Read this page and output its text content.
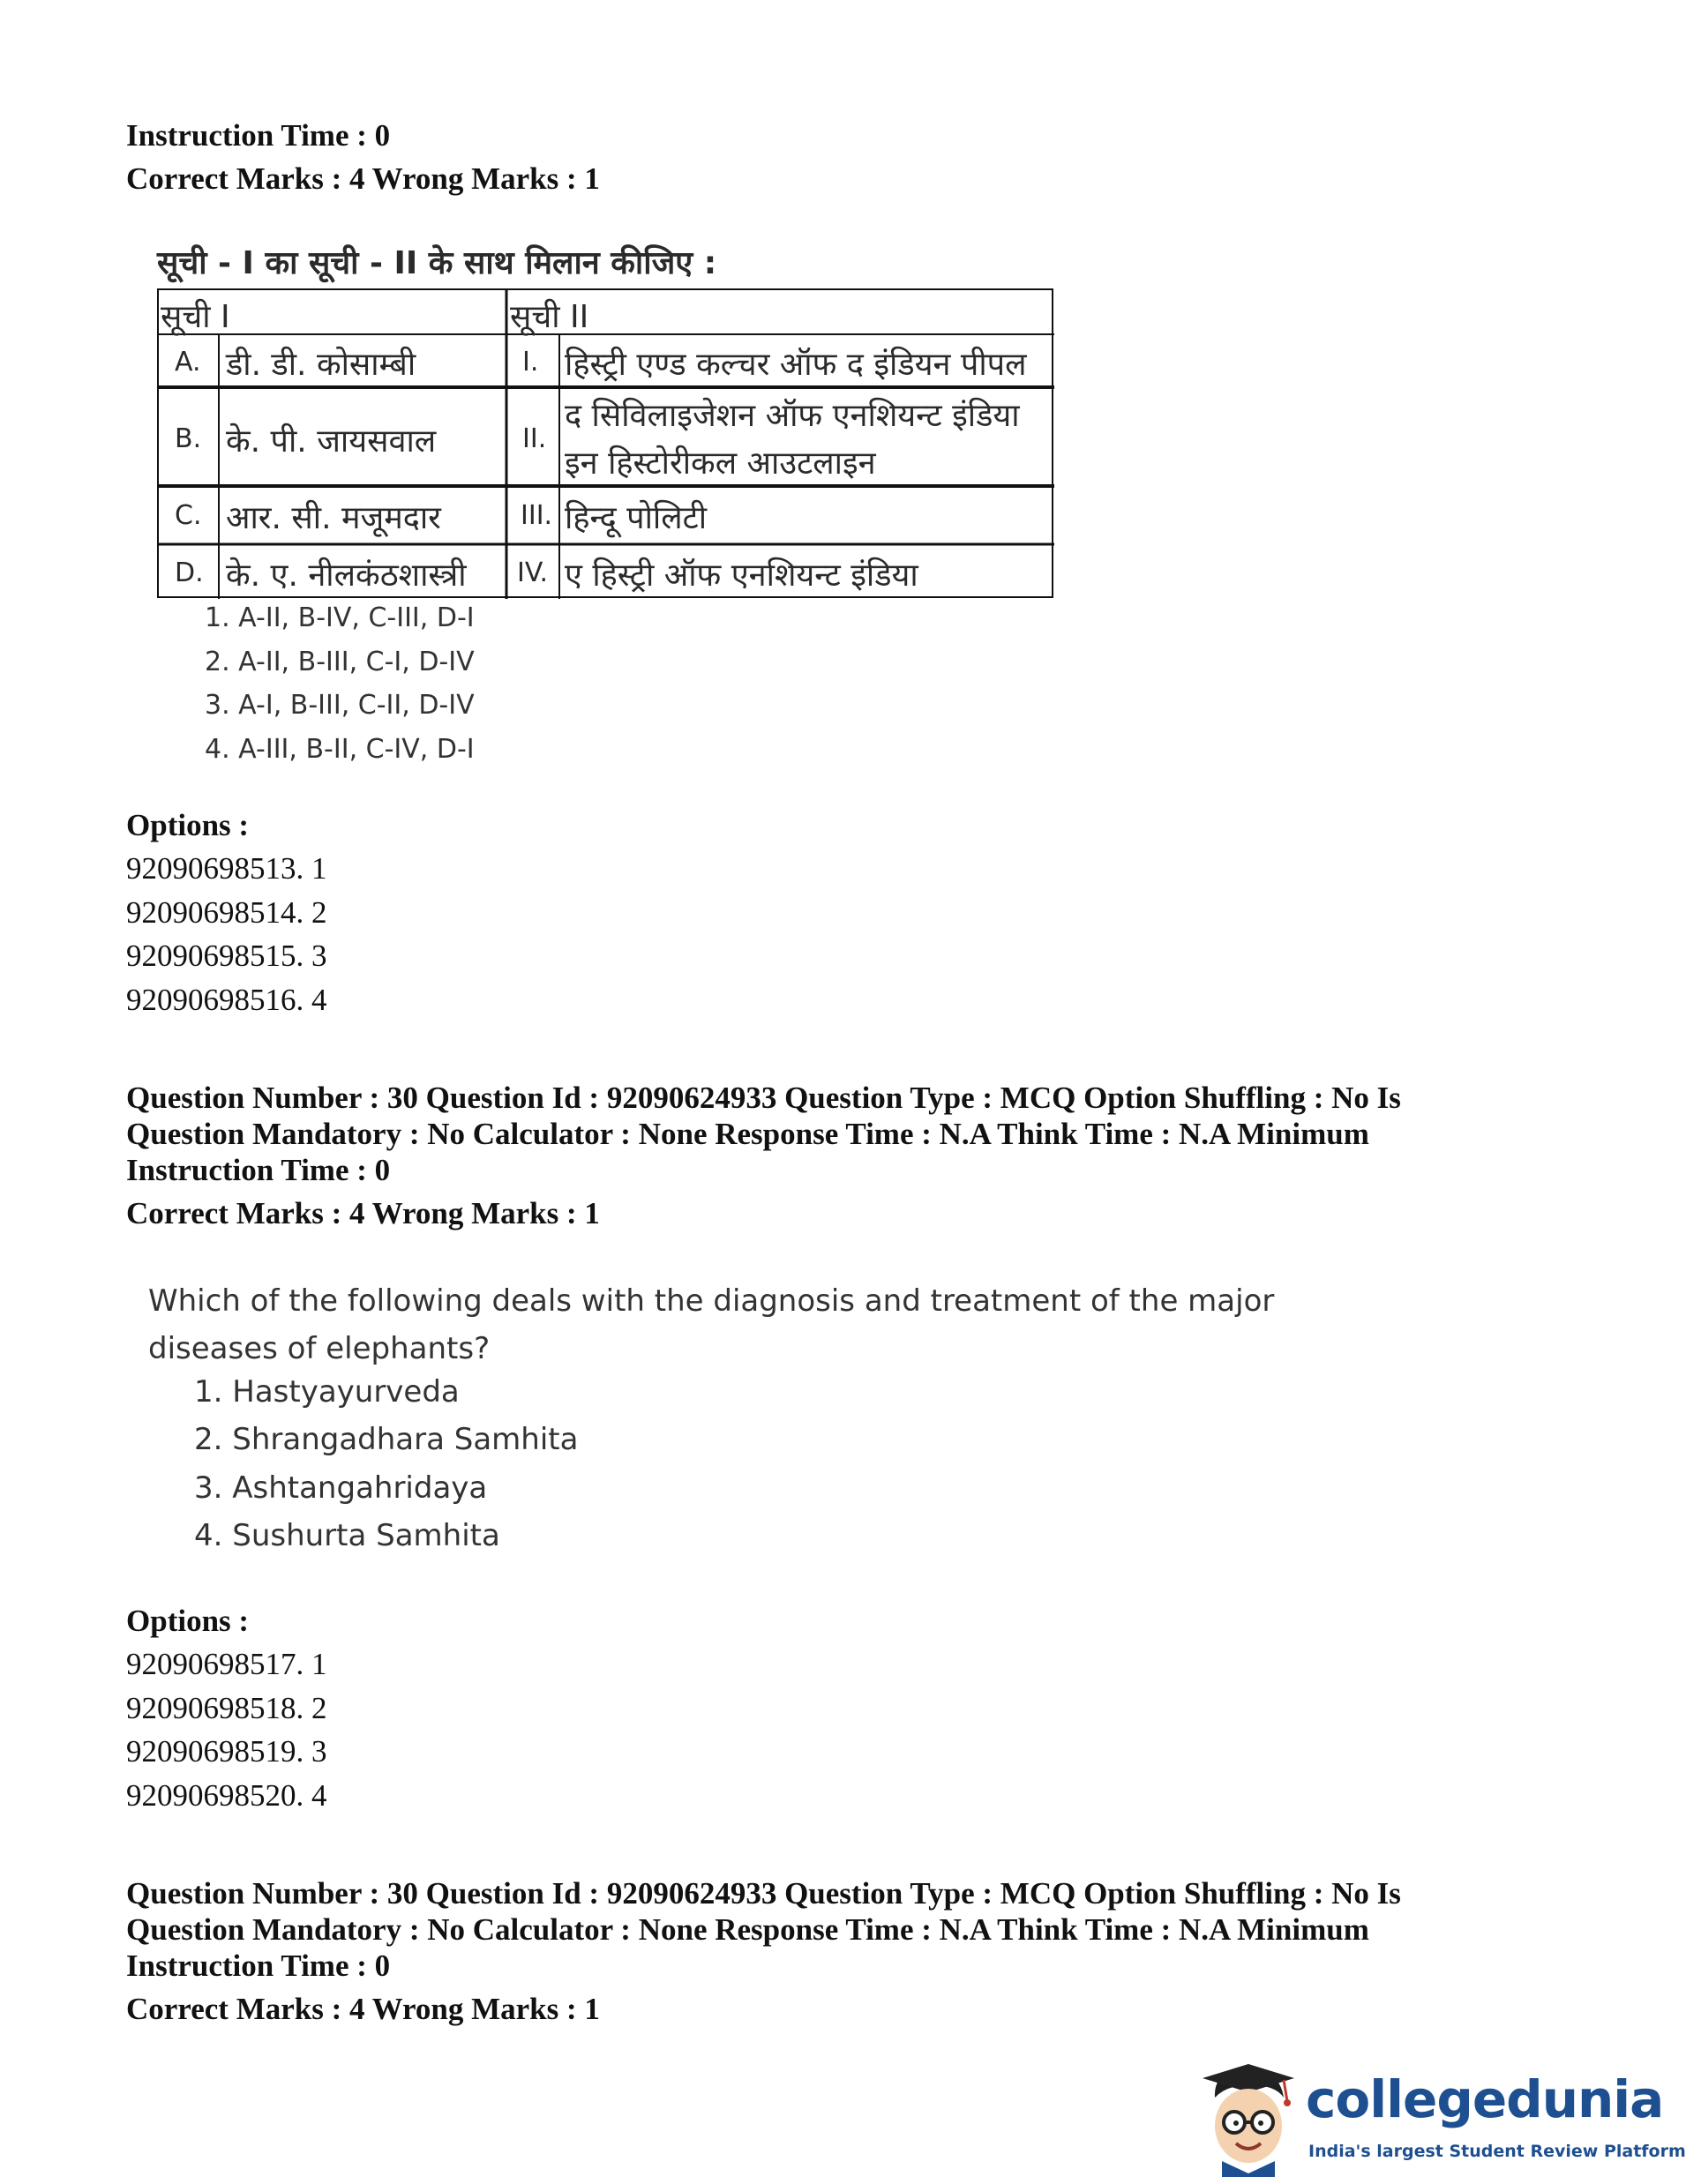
Instruction Time : 0
Correct Marks : 4 Wrong Marks : 1
सूची - I का सूची - II के साथ मिलान कीजिए :
सूची I	सूची II
A. डी. डी. कोसाम्बी	I. हिस्ट्री एण्ड कल्चर ऑफ द इंडियन पीपल
B. के. पी. जायसवाल	II.
द सिविलाइजेशन ऑफ एनशियन्ट इंडिया
इन हिस्टोरीकल आउटलाइन
C. आर. सी. मजूमदार	III. हिन्दू पोलिटी
D. के. ए. नीलकंठशास्त्री IV. ए हिस्ट्री ऑफ एनशियन्ट इंडिया
1. A-II, B-IV, C-III, D-I
2. A-II, B-III, C-I, D-IV
3. A-I, B-III, C-II, D-IV
4. A-III, B-II, C-IV, D-I
Options :
92090698513. 1
92090698514. 2
92090698515. 3
92090698516. 4
Question Number : 30 Question Id : 92090624933 Question Type : MCQ Option Shuffling : No Is
Question Mandatory : No Calculator : None Response Time : N.A Think Time : N.A Minimum
Instruction Time : 0
Correct Marks : 4 Wrong Marks : 1
Which of the following deals with the diagnosis and treatment of the major
diseases of elephants?
1. Hastyayurveda
2. Shrangadhara Samhita
3. Ashtangahridaya
4. Sushurta Samhita
Options :
92090698517. 1
92090698518. 2
92090698519. 3
92090698520. 4
Question Number : 30 Question Id : 92090624933 Question Type : MCQ Option Shuffling : No Is
Question Mandatory : No Calculator : None Response Time : N.A Think Time : N.A Minimum
Instruction Time : 0
Correct Marks : 4 Wrong Marks : 1
collegedunia
India's largest Student Review Platform
